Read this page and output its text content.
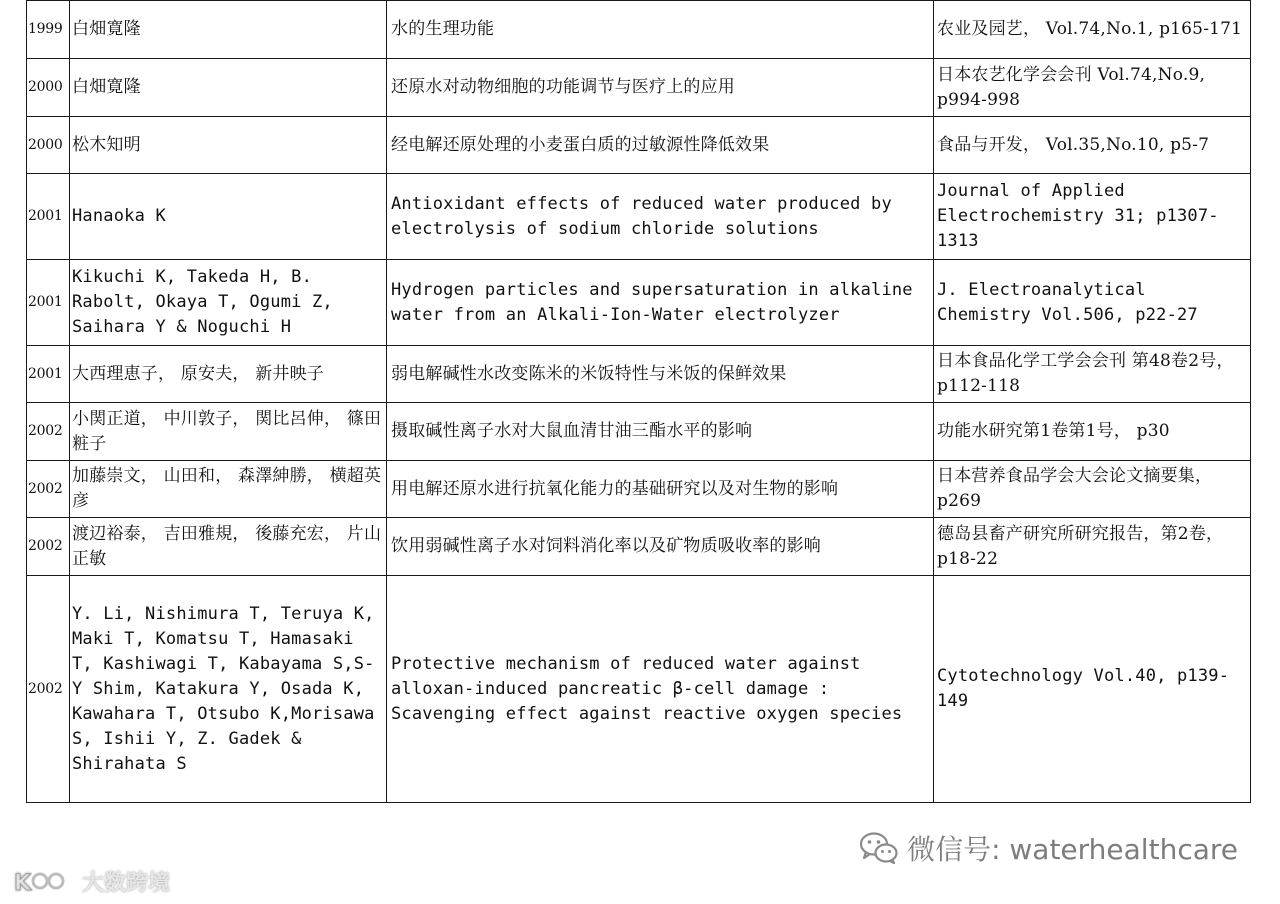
1999	白畑寛隆	水的生理功能	农业及园艺， Vol.74,No.1, p165-171
2000	白畑寛隆	还原水对动物细胞的功能调节与医疗上的应用	日本农艺化学会会刊 Vol.74,No.9, p994-998
2000	松木知明	经电解还原处理的小麦蛋白质的过敏源性降低效果	食品与开发， Vol.35,No.10, p5-7
2001	Hanaoka K	Antioxidant effects of reduced water produced by electrolysis of sodium chloride solutions	Journal of Applied Electrochemistry 31; p1307-1313
2001	Kikuchi K, Takeda H, B. Rabolt, Okaya T, Ogumi Z, Saihara Y & Noguchi H	Hydrogen particles and supersaturation in alkaline water from an Alkali-Ion-Water electrolyzer	J. Electroanalytical Chemistry Vol.506, p22-27
2001	大西理恵子， 原安夫， 新井映子	弱电解碱性水改变陈米的米饭特性与米饭的保鲜效果	日本食品化学工学会会刊 第48卷2号， p112-118
2002	小関正道， 中川敦子， 関比呂伸， 篠田粧子	摄取碱性离子水对大鼠血清甘油三酯水平的影响	功能水研究第1卷第1号， p30
2002	加藤崇文， 山田和， 森澤紳勝， 横超英彦	用电解还原水进行抗氧化能力的基础研究以及对生物的影响	日本营养食品学会大会论文摘要集， p269
2002	渡辺裕泰， 吉田雅規， 後藤充宏， 片山正敏	饮用弱碱性离子水对饲料消化率以及矿物质吸收率的影响	德岛县畜产研究所研究报告，第2卷，p18-22
2002	Y. Li, Nishimura T, Teruya K, Maki T, Komatsu T, Hamasaki T, Kashiwagi T, Kabayama S,S-Y Shim, Katakura Y, Osada K, Kawahara T, Otsubo K,Morisawa S, Ishii Y, Z. Gadek & Shirahata S	Protective mechanism of reduced water against alloxan-induced pancreatic β-cell damage : Scavenging effect against reactive oxygen species	Cytotechnology Vol.40, p139-149
微信号: waterhealthcare
K 大数跨境
